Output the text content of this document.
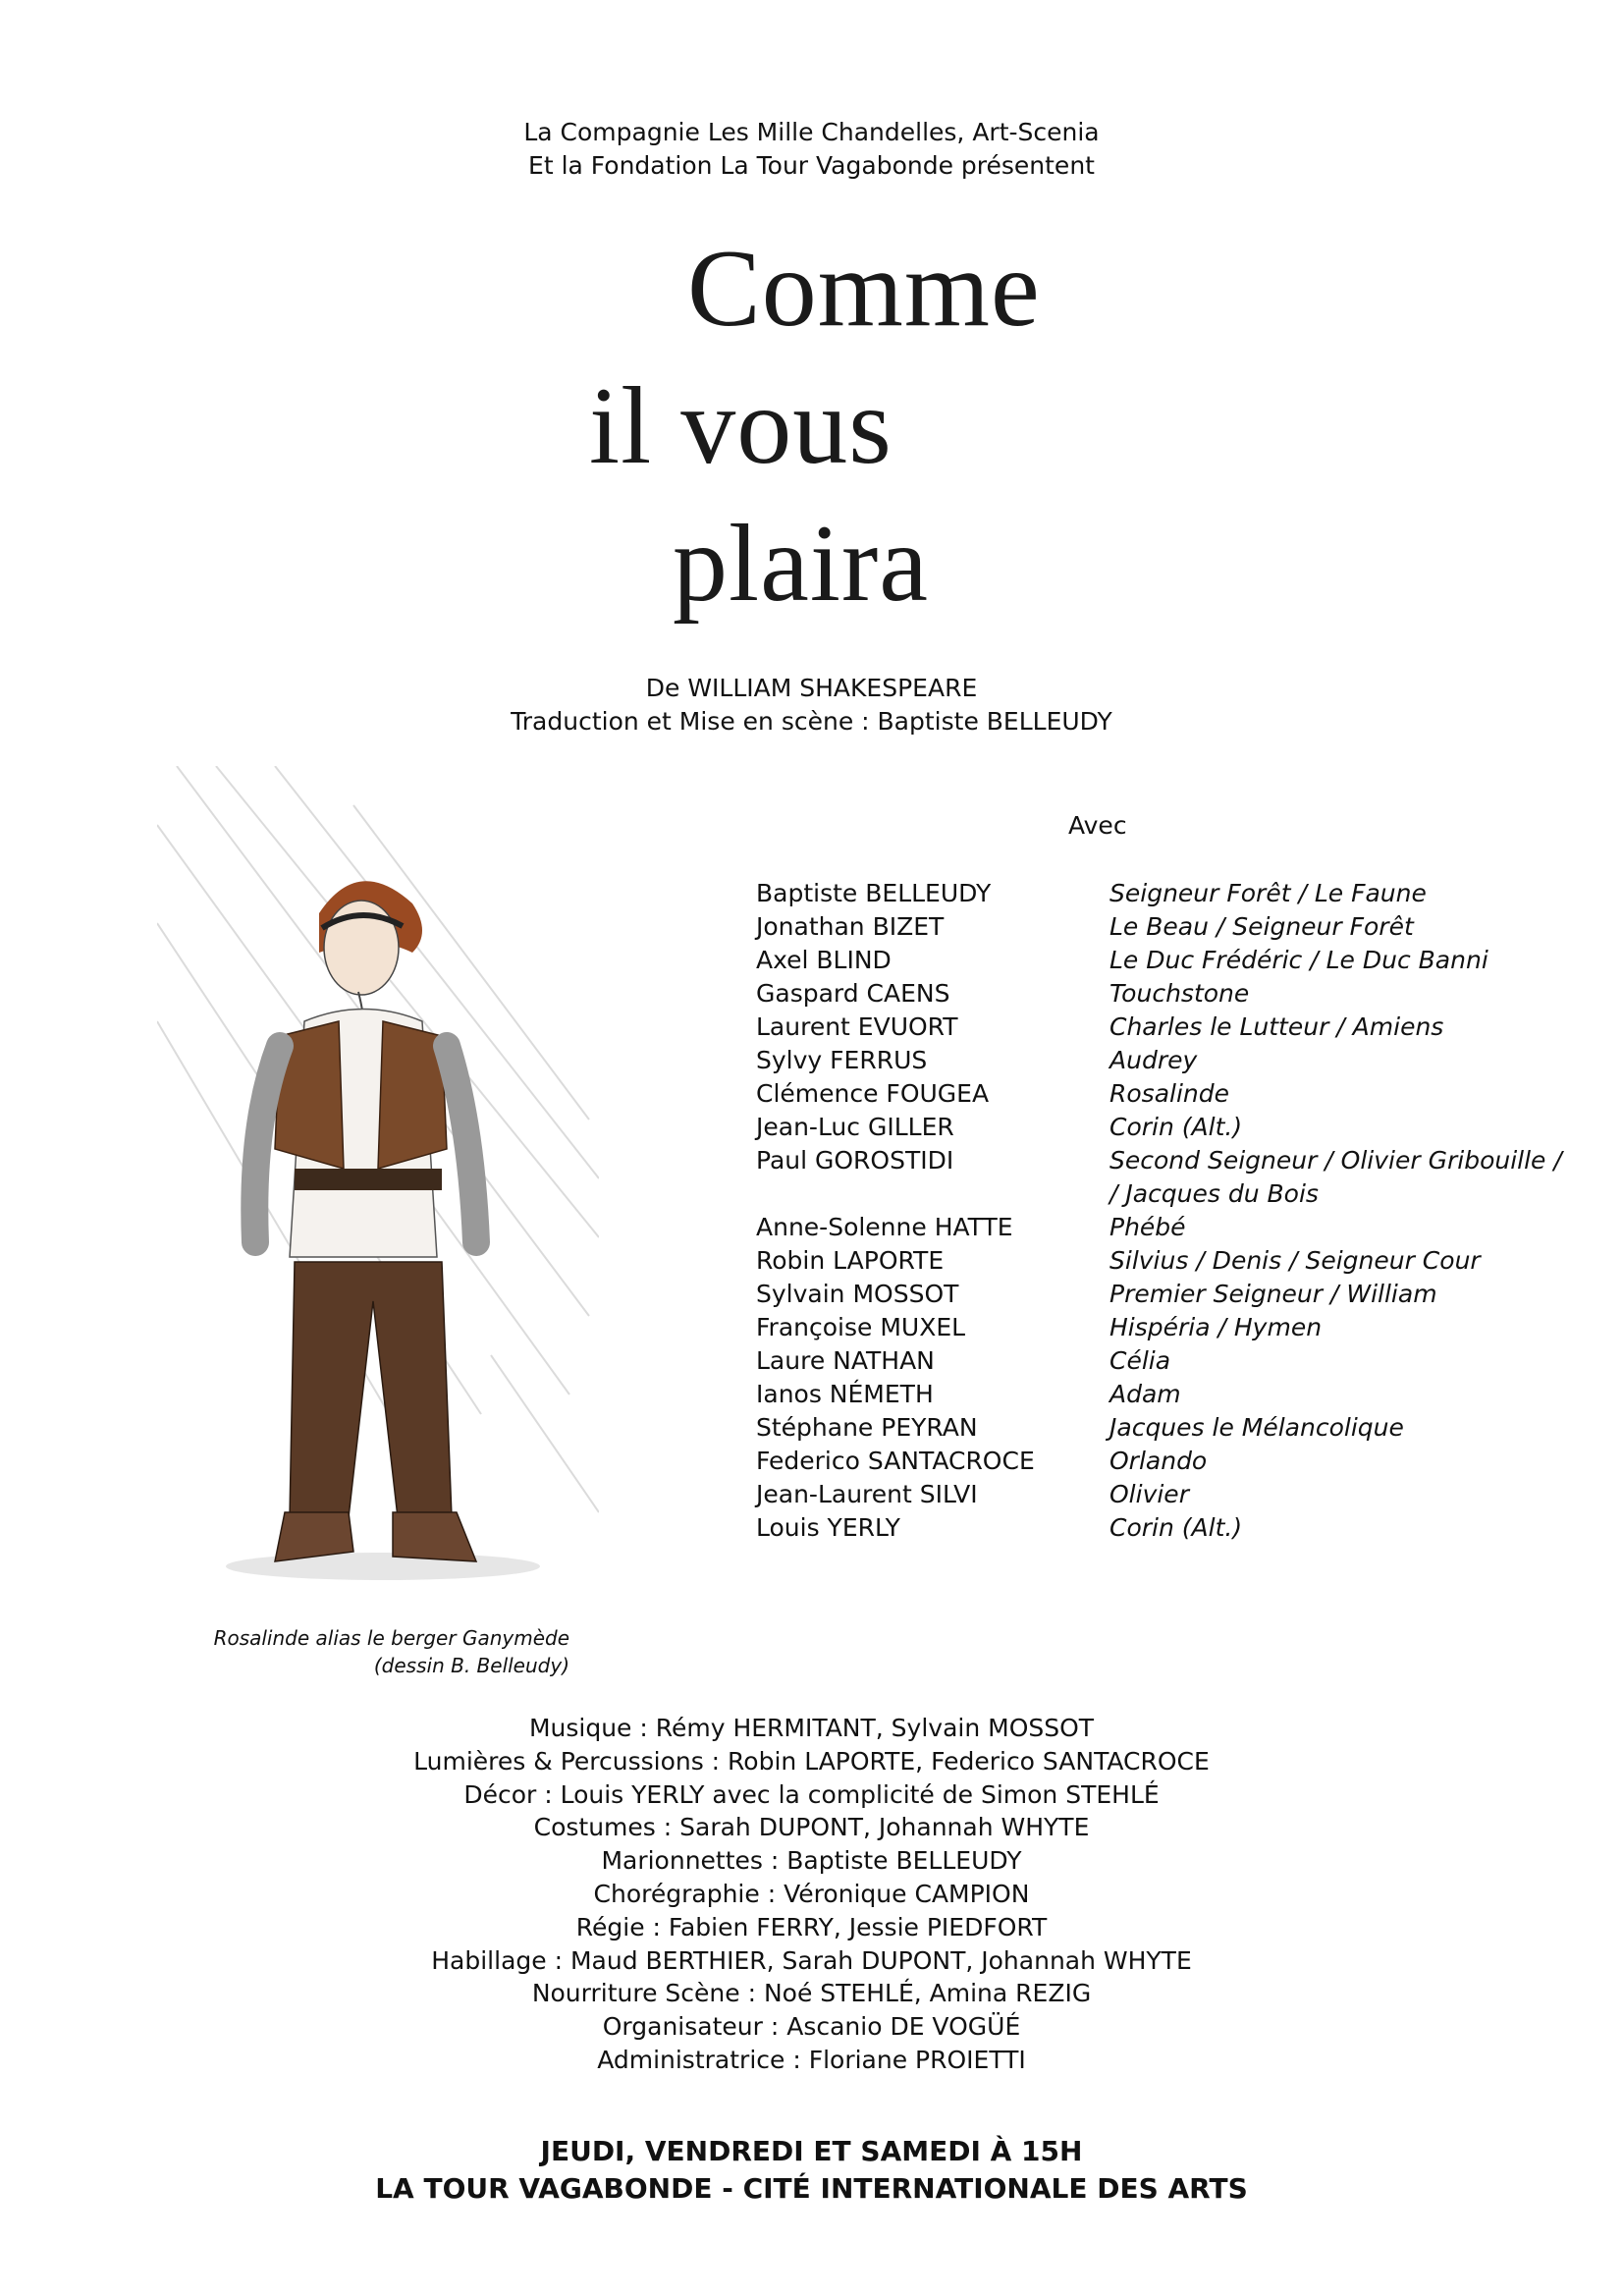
La Compagnie Les Mille Chandelles, Art-Scenia
Et la Fondation La Tour Vagabonde présentent
Comme
il vous
plaira
De WILLIAM SHAKESPEARE
Traduction et Mise en scène : Baptiste BELLEUDY
Avec
Baptiste BELLEUDY	Seigneur Forêt / Le Faune
Jonathan BIZET	Le Beau / Seigneur Forêt
Axel BLIND	Le Duc Frédéric / Le Duc Banni
Gaspard CAENS	Touchstone
Laurent EVUORT	Charles le Lutteur / Amiens
Sylvy FERRUS	Audrey
Clémence FOUGEA	Rosalinde
Jean-Luc GILLER	Corin (Alt.)
Paul GOROSTIDI	Second Seigneur / Olivier Gribouille / / Jacques du Bois
Anne-Solenne HATTE	Phébé
Robin LAPORTE	Silvius / Denis / Seigneur Cour
Sylvain MOSSOT	Premier Seigneur / William
Françoise MUXEL	Hispéria / Hymen
Laure NATHAN	Célia
Ianos NÉMETH	Adam
Stéphane PEYRAN	Jacques le Mélancolique
Federico SANTACROCE	Orlando
Jean-Laurent SILVI	Olivier
Louis YERLY	Corin (Alt.)
Rosalinde alias le berger Ganymède
(dessin B. Belleudy)
Musique : Rémy HERMITANT, Sylvain MOSSOT
Lumières & Percussions : Robin LAPORTE, Federico SANTACROCE
Décor : Louis YERLY avec la complicité de Simon STEHLÉ
Costumes : Sarah DUPONT, Johannah WHYTE
Marionnettes : Baptiste BELLEUDY
Chorégraphie : Véronique CAMPION
Régie : Fabien FERRY, Jessie PIEDFORT
Habillage : Maud BERTHIER, Sarah DUPONT, Johannah WHYTE
Nourriture Scène : Noé STEHLÉ, Amina REZIG
Organisateur : Ascanio DE VOGÜÉ
Administratrice : Floriane PROIETTI
JEUDI, VENDREDI ET SAMEDI À 15H
LA TOUR VAGABONDE - CITÉ INTERNATIONALE DES ARTS
